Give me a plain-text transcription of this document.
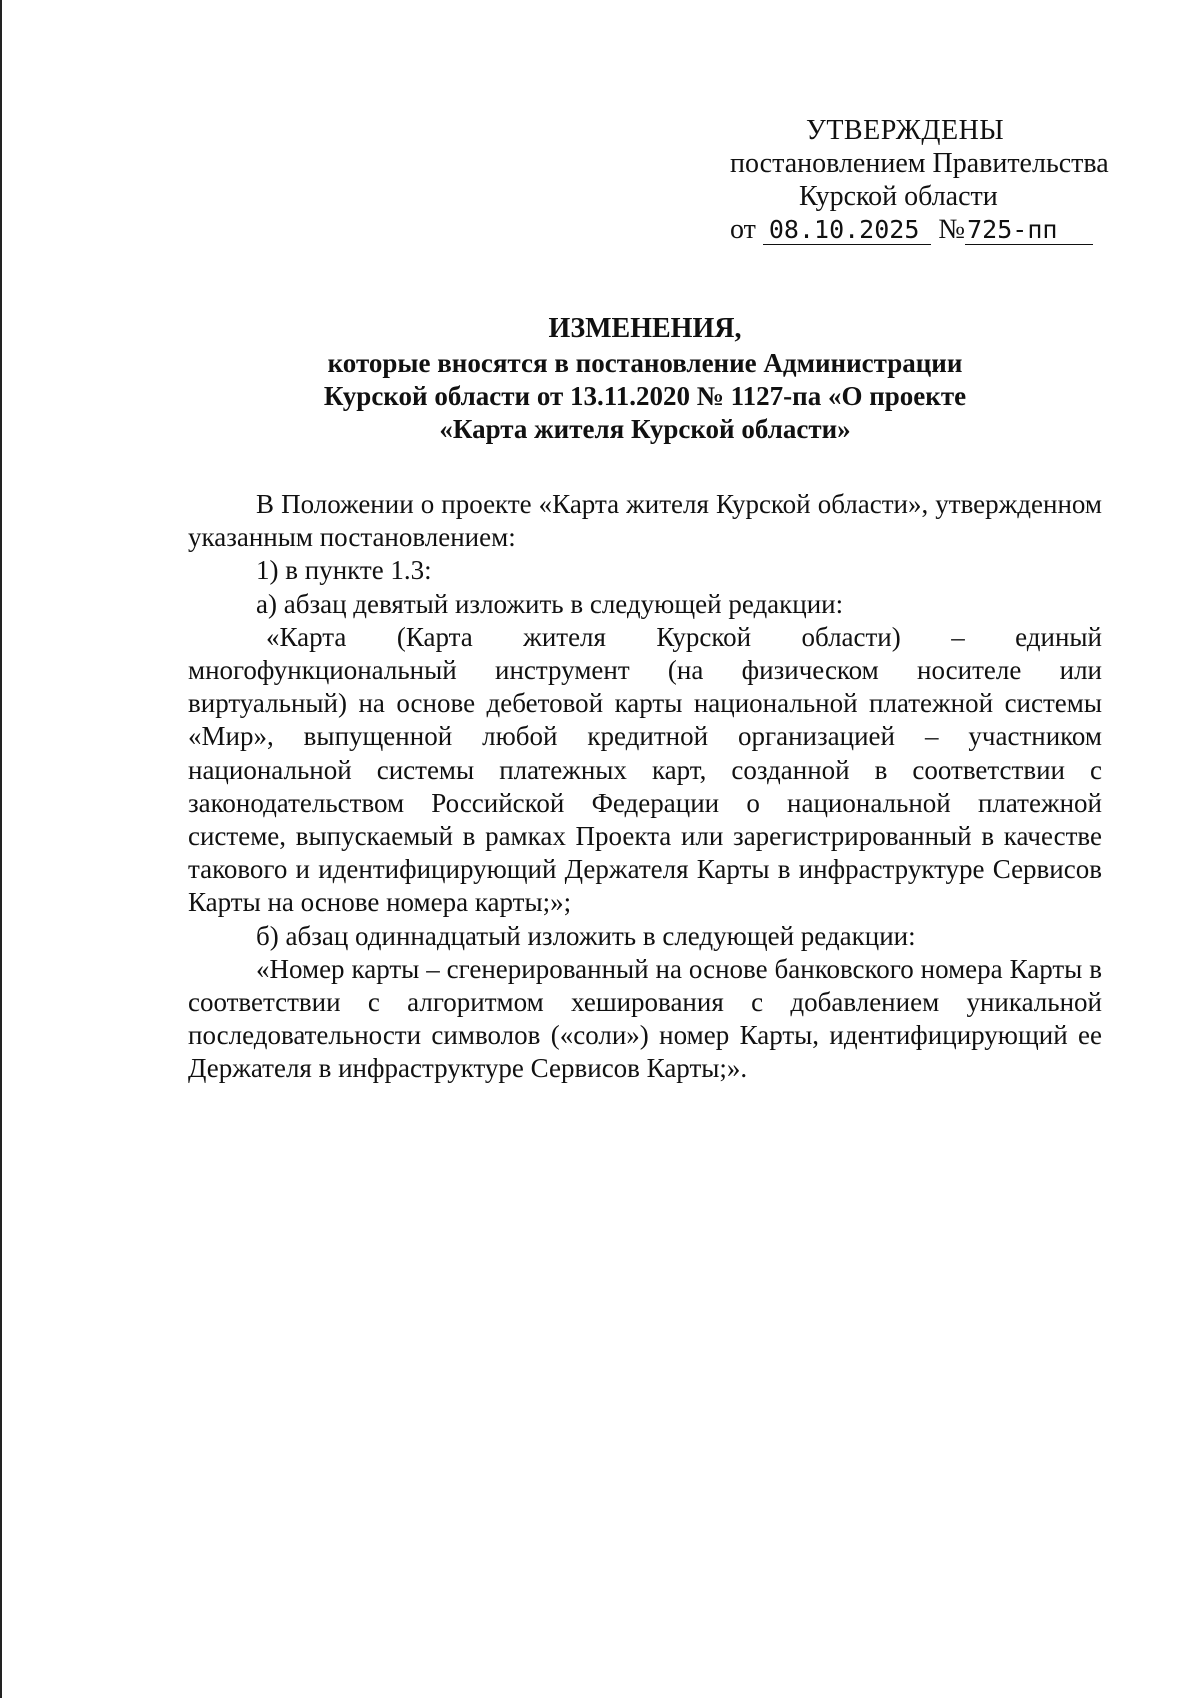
УТВЕРЖДЕНЫ
постановлением Правительства
Курской области
от 08.10.2025 №725-пп
ИЗМЕНЕНИЯ,
которые вносятся в постановление Администрации
Курской области от 13.11.2020 № 1127-па «О проекте
«Карта жителя Курской области»

В Положении о проекте «Карта жителя Курской области», утвержденном указанным постановлением:

1) в пункте 1.3:

а) абзац девятый изложить в следующей редакции:

«Карта (Карта жителя Курской области) – единый многофункциональный инструмент (на физическом носителе или виртуальный) на основе дебетовой карты национальной платежной системы «Мир», выпущенной любой кредитной организацией – участником национальной системы платежных карт, созданной в соответствии с законодательством Российской Федерации о национальной платежной системе, выпускаемый в рамках Проекта или зарегистрированный в качестве такового и идентифицирующий Держателя Карты в инфраструктуре Сервисов Карты на основе номера карты;»;

б) абзац одиннадцатый изложить в следующей редакции:

«Номер карты – сгенерированный на основе банковского номера Карты в соответствии с алгоритмом хеширования с добавлением уникальной последовательности символов («соли») номер Карты, идентифицирующий ее Держателя в инфраструктуре Сервисов Карты;».
